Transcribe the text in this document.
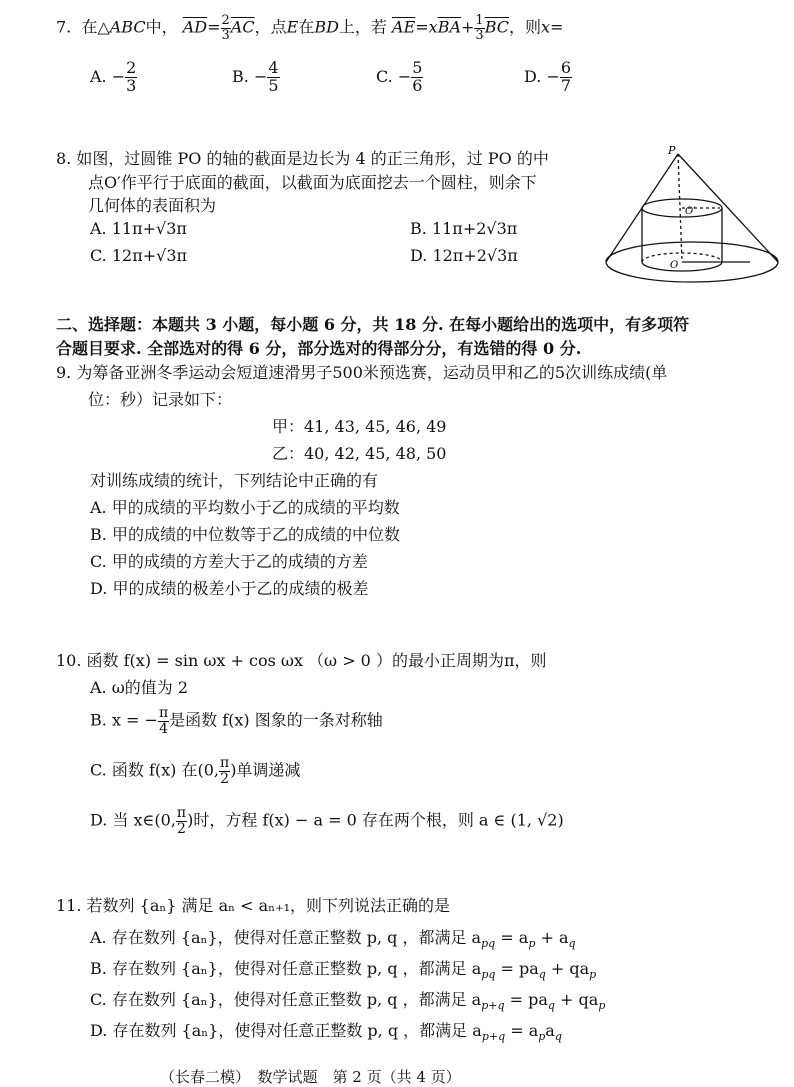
7. 在△ABC中， $\overline{AD}= \frac{2}{3} \overline{AC}$，点E在BD上，若 $\overline{AE}=x\overline{BA}+ \frac{1}{3} \overline{BC}$，则x=
A. − $\frac{2}{3}$	B. − $\frac{4}{5}$	C. − $\frac{5}{6}$	D. − $\frac{6}{7}$
8. 如图，过圆锥 PO 的轴的截面是边长为 4 的正三角形，过 PO 的中
点O′作平行于底面的截面，以截面为底面挖去一个圆柱，则余下
几何体的表面积为
A. 11π+√3π	B. 11π+2√3π
C. 12π+√3π	D. 12π+2√3π
P
O′
O
二、选择题：本题共 3 小题，每小题 6 分，共 18 分. 在每小题给出的选项中，有多项符
合题目要求. 全部选对的得 6 分，部分选对的得部分分，有选错的得 0 分.
9. 为筹备亚洲冬季运动会短道速滑男子500米预选赛，运动员甲和乙的5次训练成绩(单
位：秒）记录如下：
甲：41, 43, 45, 46, 49
乙：40, 42, 45, 48, 50
对训练成绩的统计，下列结论中正确的有
A. 甲的成绩的平均数小于乙的成绩的平均数
B. 甲的成绩的中位数等于乙的成绩的中位数
C. 甲的成绩的方差大于乙的成绩的方差
D. 甲的成绩的极差小于乙的成绩的极差
10. 函数 f(x) = sin ωx + cos ωx （ω > 0 ）的最小正周期为π，则
A. ω的值为 2
B. x = − $\frac{\pi}{4}$ 是函数 f(x) 图象的一条对称轴
C. 函数 f(x) 在(0, $\frac{\pi}{2}$ )单调递减
D. 当 x∈(0, $\frac{\pi}{2}$ )时，方程 f(x) − a = 0 存在两个根，则 a ∈ (1, √2)
11. 若数列 {aₙ} 满足 aₙ < aₙ₊₁，则下列说法正确的是
A. 存在数列 {aₙ}，使得对任意正整数 p, q ，都满足 $a_{pq} = a_p + a_q$
B. 存在数列 {aₙ}，使得对任意正整数 p, q ，都满足 $a_{pq} = pa_q + qa_p$
C. 存在数列 {aₙ}，使得对任意正整数 p, q ，都满足 $a_{p+q} = pa_q + qa_p$
D. 存在数列 {aₙ}，使得对任意正整数 p, q ，都满足 $a_{p+q} = a_pa_q$
（长春二模）　数学试题　第 2 页（共 4 页）
